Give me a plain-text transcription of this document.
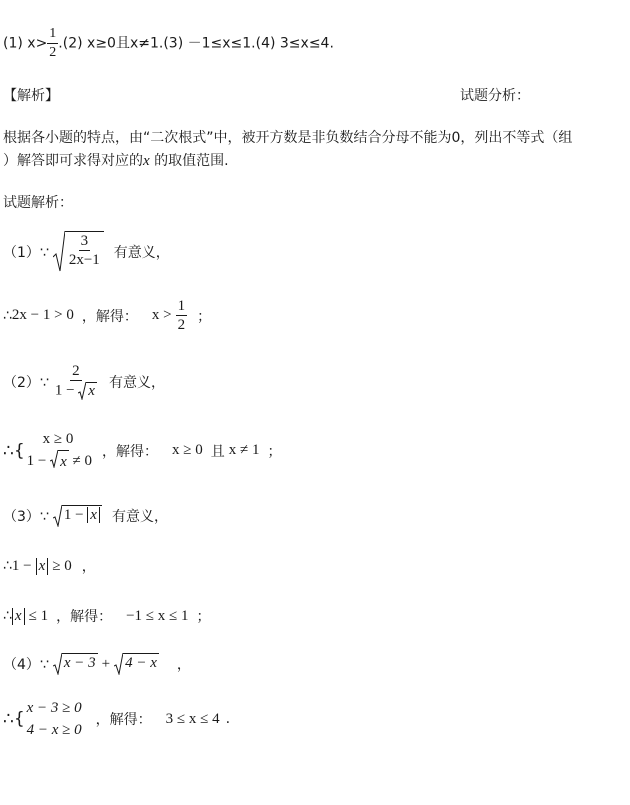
(1) $x> \frac{1}{2} .(2)$ x≥0且x≠1.(3) －1≤x≤1.(4) 3≤x≤4.
【解析】	试题分析：
根据各小题的特点，由“二次根式”中，被开方数是非负数结合分母不能为0，列出不等式（组
）解答即可求得对应的x 的取值范围.
试题解析：
（1）∵ $\frac{3}{2x-1}$ 有意义，
∴ 2x − 1 > 0 ，解得： $x > \frac{1}{2}$ ；
（2）∵ $\frac{2}{1 - x}$ 有意义，
∴{
x ≥ 0
1 − x ≠ 0
，解得： x ≥ 0 且 x ≠ 1 ；
（3）∵ 1 − x	有意义，
∴ 1 − x ≥ 0 ，
∴ x ≤ 1 ，解得： −1 ≤ x ≤ 1 ；
（4）∵ x − 3 + 4 − x ，
∴{
x − 3 ≥ 0
4 − x ≥ 0
，解得： 3 ≤ x ≤ 4 .
